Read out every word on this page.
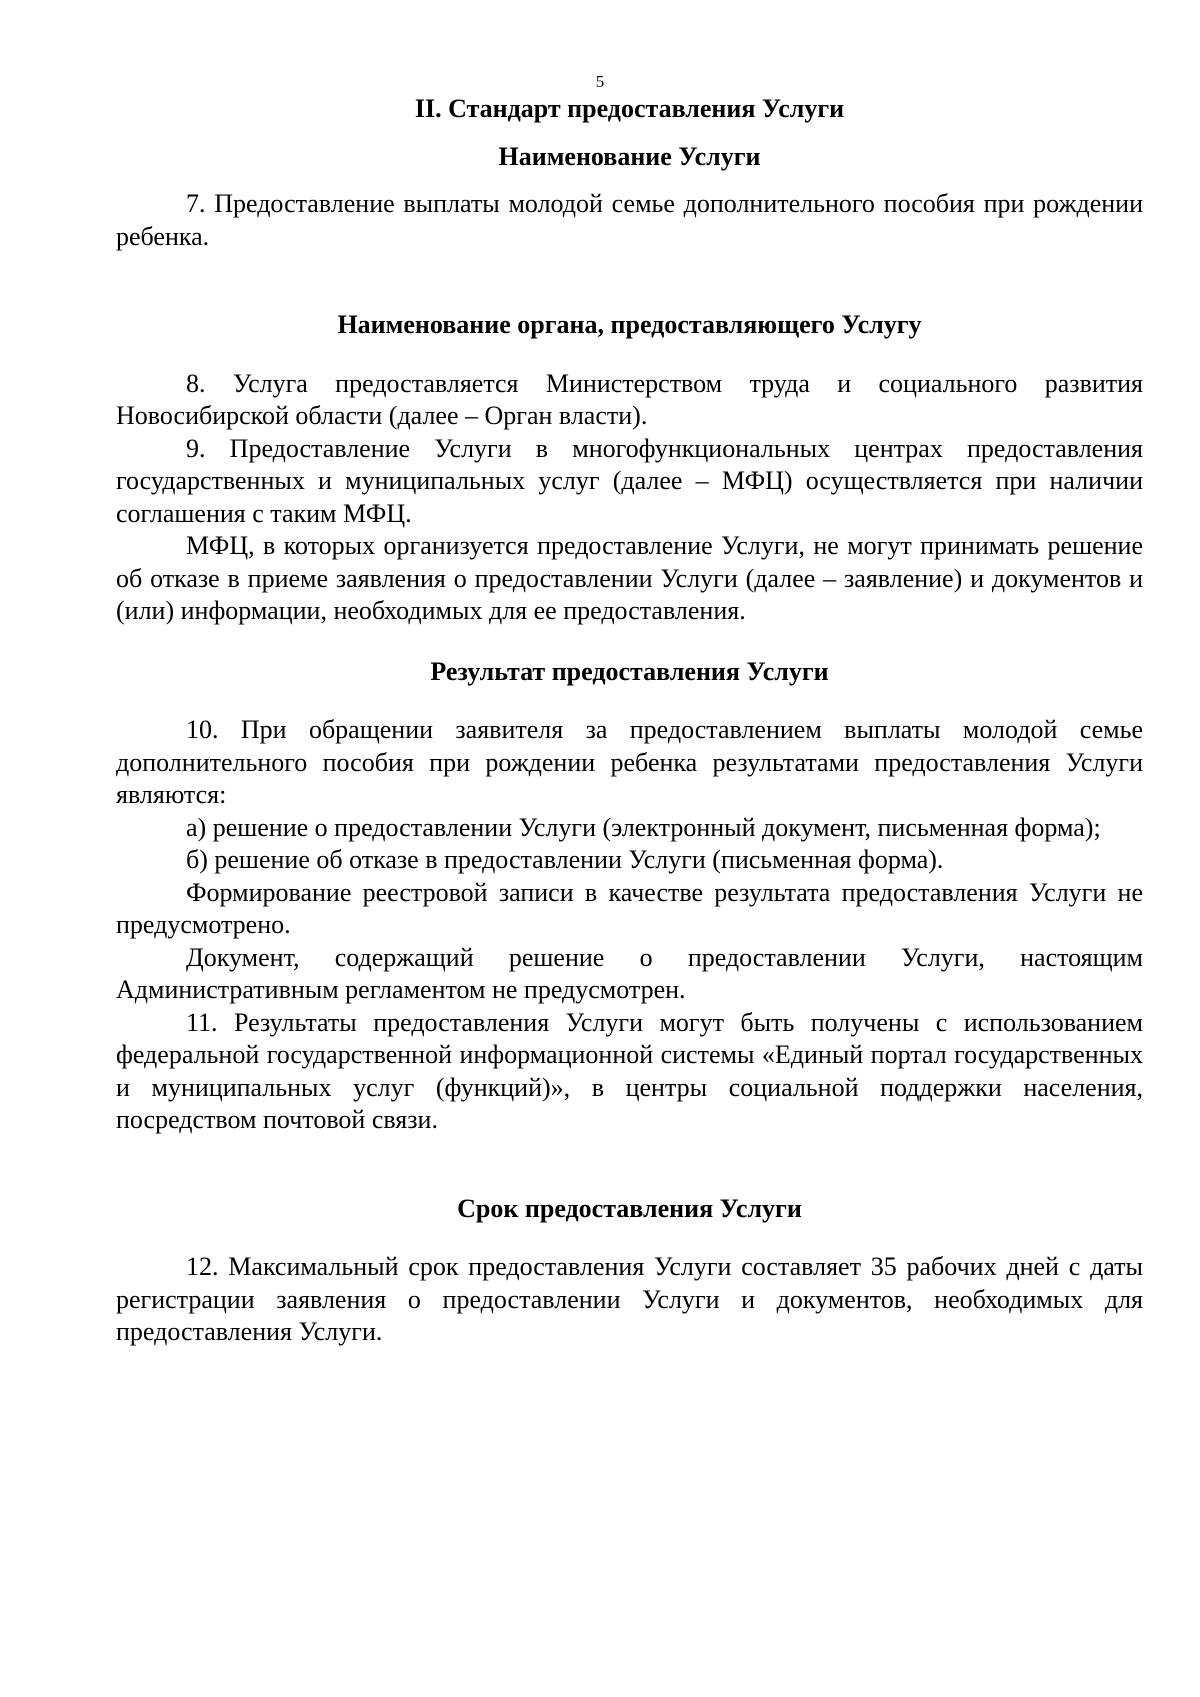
5
II. Стандарт предоставления Услуги
Наименование Услуги

7. Предоставление выплаты молодой семье дополнительного пособия при рождении ребенка.

Наименование органа, предоставляющего Услугу

8. Услуга предоставляется Министерством труда и социального развития Новосибирской области (далее – Орган власти).

9. Предоставление Услуги в многофункциональных центрах предоставления государственных и муниципальных услуг (далее – МФЦ) осуществляется при наличии соглашения с таким МФЦ.

МФЦ, в которых организуется предоставление Услуги, не могут принимать решение об отказе в приеме заявления о предоставлении Услуги (далее – заявление) и документов и (или) информации, необходимых для ее предоставления.

Результат предоставления Услуги

10. При обращении заявителя за предоставлением выплаты молодой семье дополнительного пособия при рождении ребенка результатами предоставления Услуги являются:

а) решение о предоставлении Услуги (электронный документ, письменная форма);

б) решение об отказе в предоставлении Услуги (письменная форма).

Формирование реестровой записи в качестве результата предоставления Услуги не предусмотрено.

Документ, содержащий решение о предоставлении Услуги, настоящим Административным регламентом не предусмотрен.

11. Результаты предоставления Услуги могут быть получены с использованием федеральной государственной информационной системы «Единый портал государственных и муниципальных услуг (функций)», в центры социальной поддержки населения, посредством почтовой связи.

Срок предоставления Услуги

12. Максимальный срок предоставления Услуги составляет 35 рабочих дней с даты регистрации заявления о предоставлении Услуги и документов, необходимых для предоставления Услуги.
